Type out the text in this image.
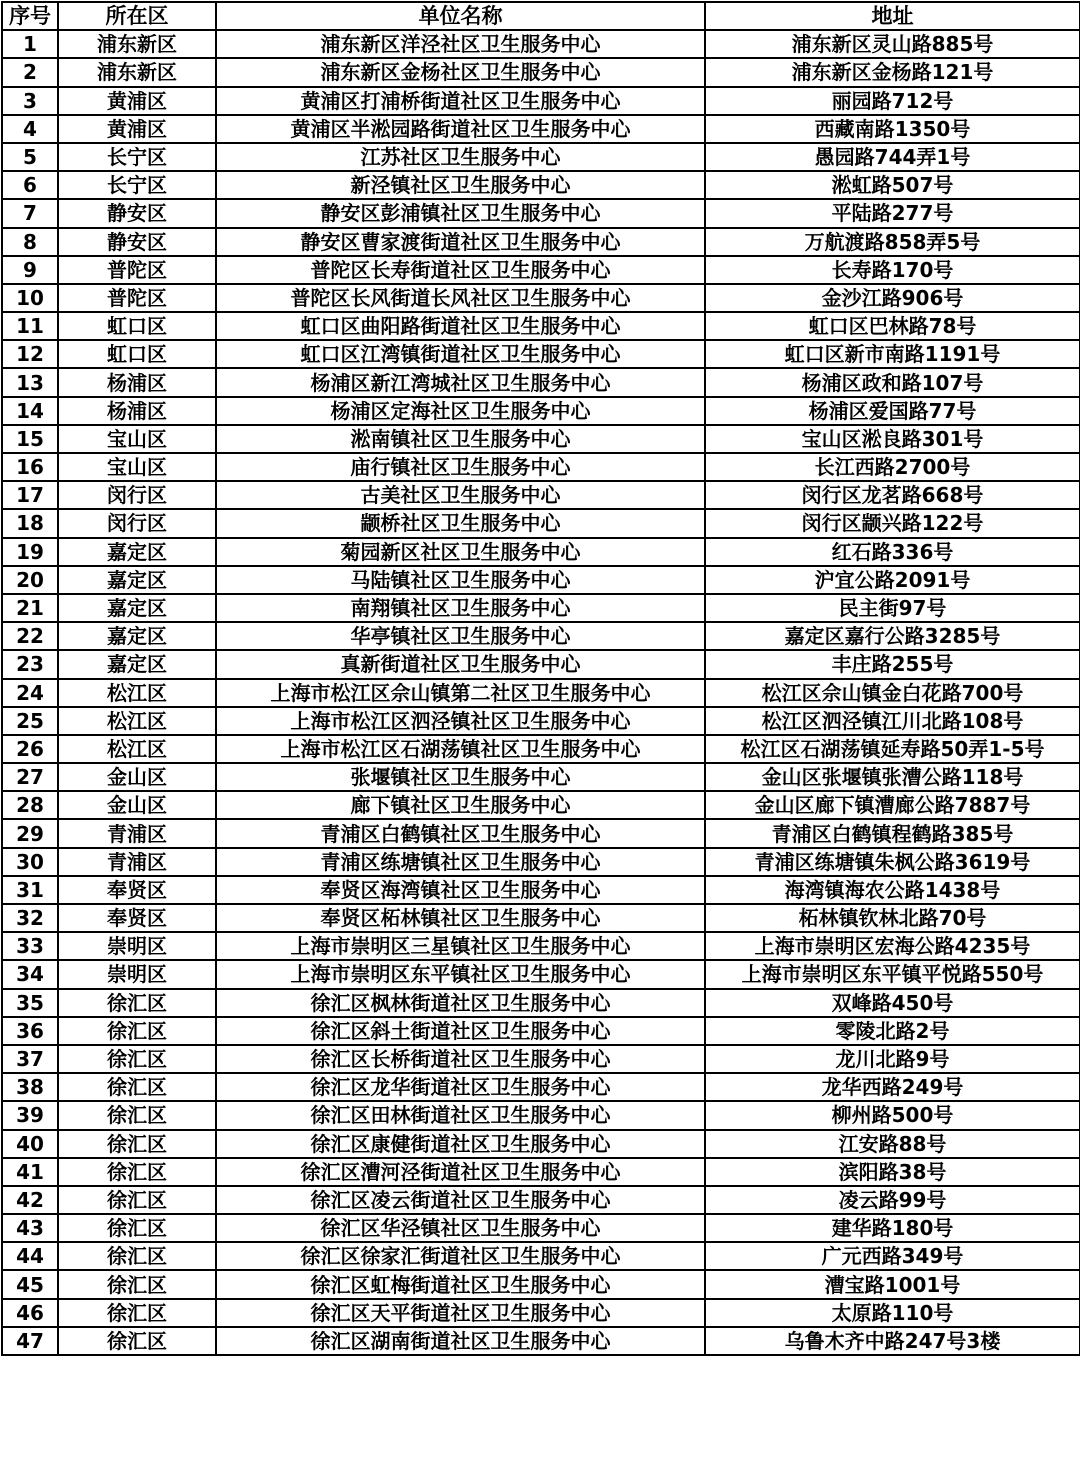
序号	所在区	单位名称	地址
1	浦东新区	浦东新区洋泾社区卫生服务中心	浦东新区灵山路885号
2	浦东新区	浦东新区金杨社区卫生服务中心	浦东新区金杨路121号
3	黄浦区	黄浦区打浦桥街道社区卫生服务中心	丽园路712号
4	黄浦区	黄浦区半淞园路街道社区卫生服务中心	西藏南路1350号
5	长宁区	江苏社区卫生服务中心	愚园路744弄1号
6	长宁区	新泾镇社区卫生服务中心	淞虹路507号
7	静安区	静安区彭浦镇社区卫生服务中心	平陆路277号
8	静安区	静安区曹家渡街道社区卫生服务中心	万航渡路858弄5号
9	普陀区	普陀区长寿街道社区卫生服务中心	长寿路170号
10	普陀区	普陀区长风街道长风社区卫生服务中心	金沙江路906号
11	虹口区	虹口区曲阳路街道社区卫生服务中心	虹口区巴林路78号
12	虹口区	虹口区江湾镇街道社区卫生服务中心	虹口区新市南路1191号
13	杨浦区	杨浦区新江湾城社区卫生服务中心	杨浦区政和路107号
14	杨浦区	杨浦区定海社区卫生服务中心	杨浦区爱国路77号
15	宝山区	淞南镇社区卫生服务中心	宝山区淞良路301号
16	宝山区	庙行镇社区卫生服务中心	长江西路2700号
17	闵行区	古美社区卫生服务中心	闵行区龙茗路668号
18	闵行区	颛桥社区卫生服务中心	闵行区颛兴路122号
19	嘉定区	菊园新区社区卫生服务中心	红石路336号
20	嘉定区	马陆镇社区卫生服务中心	沪宜公路2091号
21	嘉定区	南翔镇社区卫生服务中心	民主街97号
22	嘉定区	华亭镇社区卫生服务中心	嘉定区嘉行公路3285号
23	嘉定区	真新街道社区卫生服务中心	丰庄路255号
24	松江区	上海市松江区佘山镇第二社区卫生服务中心	松江区佘山镇金白花路700号
25	松江区	上海市松江区泗泾镇社区卫生服务中心	松江区泗泾镇江川北路108号
26	松江区	上海市松江区石湖荡镇社区卫生服务中心	松江区石湖荡镇延寿路50弄1-5号
27	金山区	张堰镇社区卫生服务中心	金山区张堰镇张漕公路118号
28	金山区	廊下镇社区卫生服务中心	金山区廊下镇漕廊公路7887号
29	青浦区	青浦区白鹤镇社区卫生服务中心	青浦区白鹤镇程鹤路385号
30	青浦区	青浦区练塘镇社区卫生服务中心	青浦区练塘镇朱枫公路3619号
31	奉贤区	奉贤区海湾镇社区卫生服务中心	海湾镇海农公路1438号
32	奉贤区	奉贤区柘林镇社区卫生服务中心	柘林镇钦林北路70号
33	崇明区	上海市崇明区三星镇社区卫生服务中心	上海市崇明区宏海公路4235号
34	崇明区	上海市崇明区东平镇社区卫生服务中心	上海市崇明区东平镇平悦路550号
35	徐汇区	徐汇区枫林街道社区卫生服务中心	双峰路450号
36	徐汇区	徐汇区斜土街道社区卫生服务中心	零陵北路2号
37	徐汇区	徐汇区长桥街道社区卫生服务中心	龙川北路9号
38	徐汇区	徐汇区龙华街道社区卫生服务中心	龙华西路249号
39	徐汇区	徐汇区田林街道社区卫生服务中心	柳州路500号
40	徐汇区	徐汇区康健街道社区卫生服务中心	江安路88号
41	徐汇区	徐汇区漕河泾街道社区卫生服务中心	滨阳路38号
42	徐汇区	徐汇区凌云街道社区卫生服务中心	凌云路99号
43	徐汇区	徐汇区华泾镇社区卫生服务中心	建华路180号
44	徐汇区	徐汇区徐家汇街道社区卫生服务中心	广元西路349号
45	徐汇区	徐汇区虹梅街道社区卫生服务中心	漕宝路1001号
46	徐汇区	徐汇区天平街道社区卫生服务中心	太原路110号
47	徐汇区	徐汇区湖南街道社区卫生服务中心	乌鲁木齐中路247号3楼
